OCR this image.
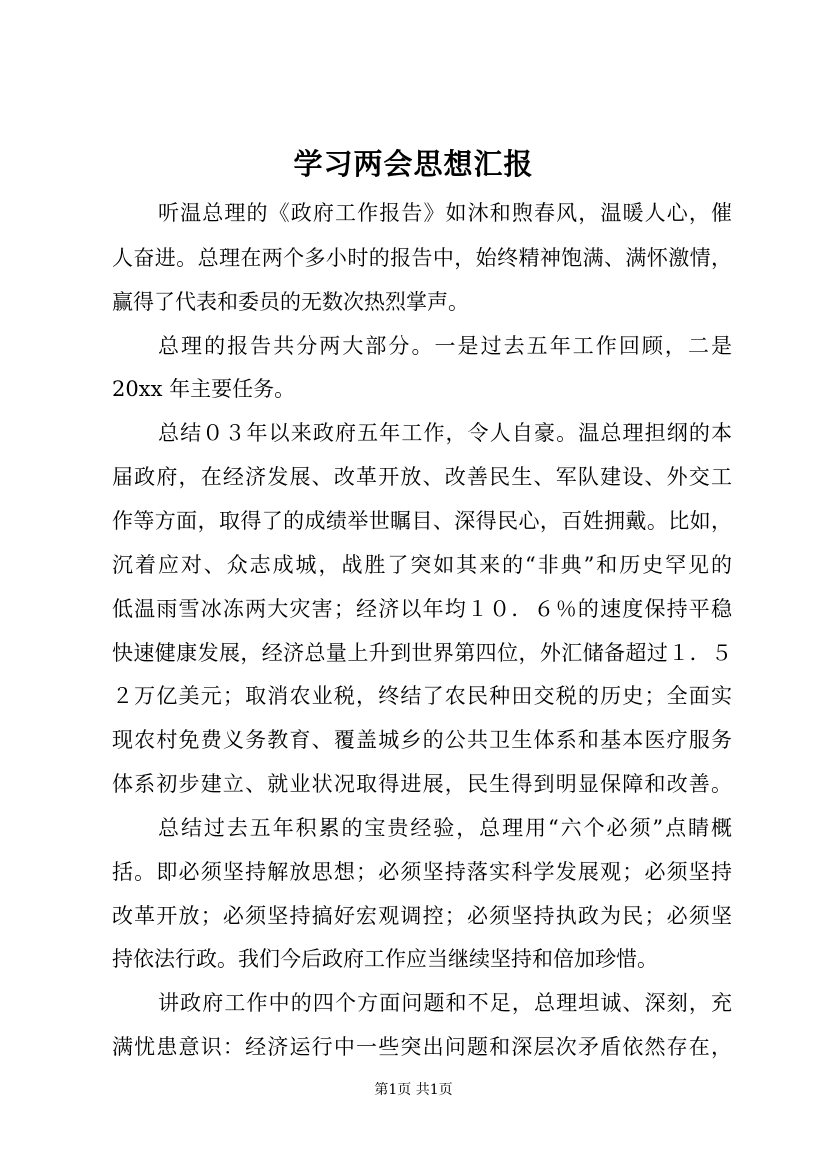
学习两会思想汇报
听温总理的《政府工作报告》如沐和煦春风，温暖人心，催
人奋进。总理在两个多小时的报告中，始终精神饱满、满怀激情，
赢得了代表和委员的无数次热烈掌声。
总理的报告共分两大部分。一是过去五年工作回顾，二是
20xx 年主要任务。
总结０３年以来政府五年工作，令人自豪。温总理担纲的本
届政府，在经济发展、改革开放、改善民生、军队建设、外交工
作等方面，取得了的成绩举世瞩目、深得民心，百姓拥戴。比如，
沉着应对、众志成城，战胜了突如其来的“非典”和历史罕见的
低温雨雪冰冻两大灾害；经济以年均１０．６％的速度保持平稳
快速健康发展，经济总量上升到世界第四位，外汇储备超过１．５
２万亿美元；取消农业税，终结了农民种田交税的历史；全面实
现农村免费义务教育、覆盖城乡的公共卫生体系和基本医疗服务
体系初步建立、就业状况取得进展，民生得到明显保障和改善。
总结过去五年积累的宝贵经验，总理用“六个必须”点睛概
括。即必须坚持解放思想；必须坚持落实科学发展观；必须坚持
改革开放；必须坚持搞好宏观调控；必须坚持执政为民；必须坚
持依法行政。我们今后政府工作应当继续坚持和倍加珍惜。
讲政府工作中的四个方面问题和不足，总理坦诚、深刻，充
满忧患意识：经济运行中一些突出问题和深层次矛盾依然存在，
第1页 共1页
